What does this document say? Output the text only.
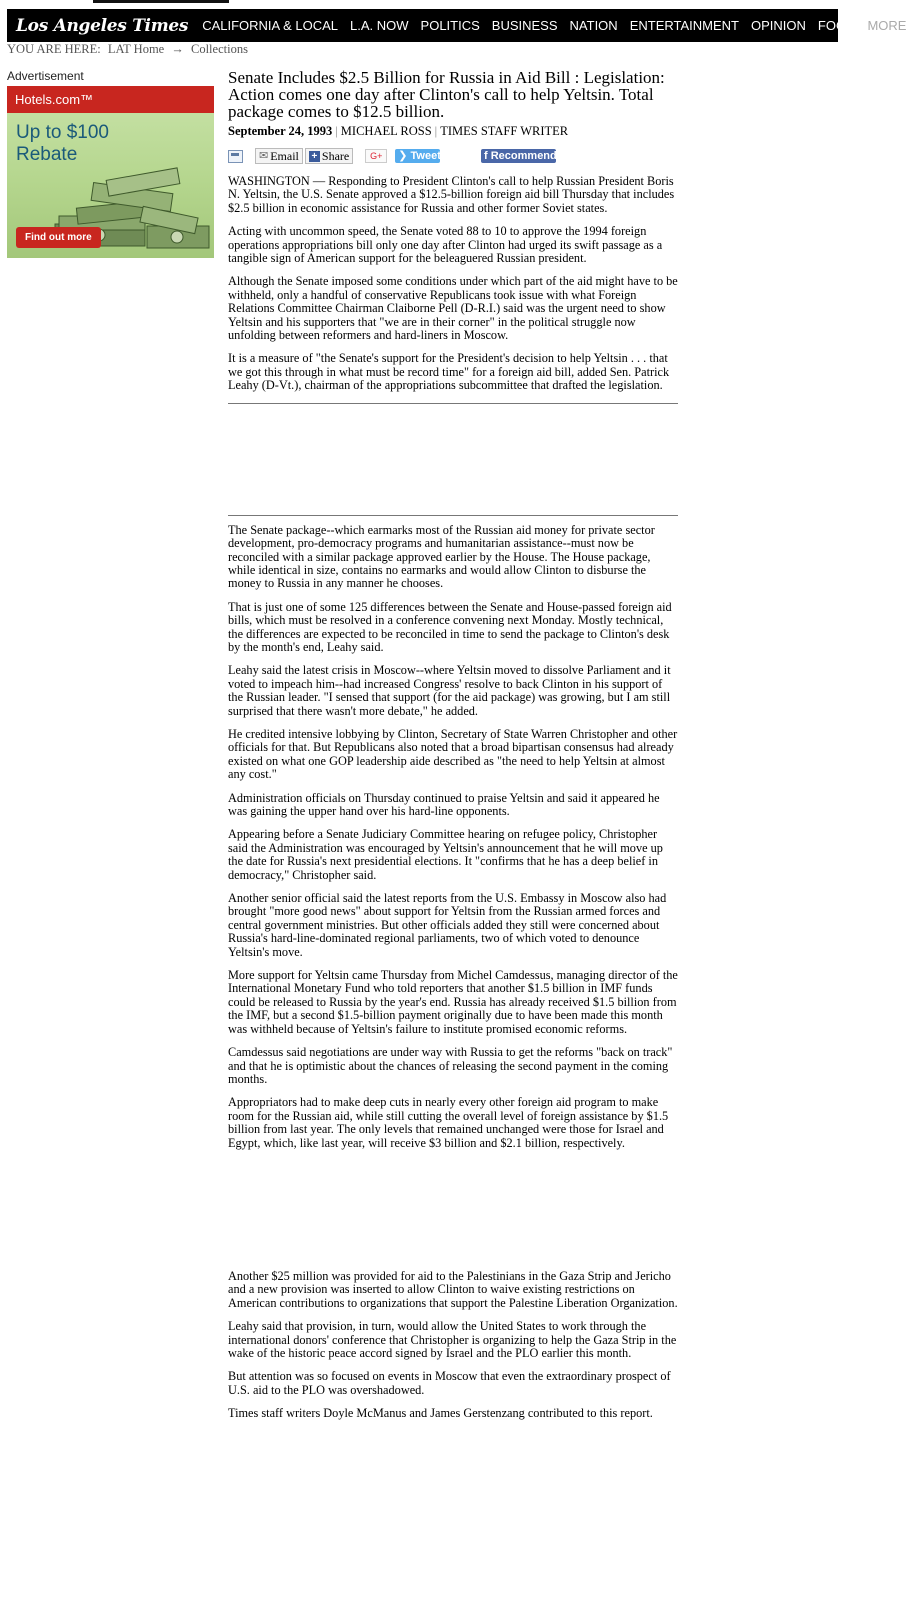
Los Angeles Times CALIFORNIA & LOCAL L.A. NOW POLITICS BUSINESS NATION ENTERTAINMENT OPINION FOOD MORE
YOU ARE HERE: LAT Home → Collections
Advertisement
Hotels.com™
Up to $100 Rebate
Find out more
Senate Includes $2.5 Billion for Russia in Aid Bill : Legislation: Action comes one day after Clinton's call to help Yeltsin. Total package comes to $12.5 billion.
September 24, 1993 | MICHAEL ROSS | TIMES STAFF WRITER
✉ Email + Share	G+	❯ Tweet	f Recommend

WASHINGTON — Responding to President Clinton's call to help Russian President Boris N. Yeltsin, the U.S. Senate approved a $12.5-billion foreign aid bill Thursday that includes $2.5 billion in economic assistance for Russia and other former Soviet states.

Acting with uncommon speed, the Senate voted 88 to 10 to approve the 1994 foreign operations appropriations bill only one day after Clinton had urged its swift passage as a tangible sign of American support for the beleaguered Russian president.

Although the Senate imposed some conditions under which part of the aid might have to be withheld, only a handful of conservative Republicans took issue with what Foreign Relations Committee Chairman Claiborne Pell (D-R.I.) said was the urgent need to show Yeltsin and his supporters that "we are in their corner" in the political struggle now unfolding between reformers and hard-liners in Moscow.

It is a measure of "the Senate's support for the President's decision to help Yeltsin . . . that we got this through in what must be record time" for a foreign aid bill, added Sen. Patrick Leahy (D-Vt.), chairman of the appropriations subcommittee that drafted the legislation.

The Senate package--which earmarks most of the Russian aid money for private sector development, pro-democracy programs and humanitarian assistance--must now be reconciled with a similar package approved earlier by the House. The House package, while identical in size, contains no earmarks and would allow Clinton to disburse the money to Russia in any manner he chooses.

That is just one of some 125 differences between the Senate and House-passed foreign aid bills, which must be resolved in a conference convening next Monday. Mostly technical, the differences are expected to be reconciled in time to send the package to Clinton's desk by the month's end, Leahy said.

Leahy said the latest crisis in Moscow--where Yeltsin moved to dissolve Parliament and it voted to impeach him--had increased Congress' resolve to back Clinton in his support of the Russian leader. "I sensed that support (for the aid package) was growing, but I am still surprised that there wasn't more debate," he added.

He credited intensive lobbying by Clinton, Secretary of State Warren Christopher and other officials for that. But Republicans also noted that a broad bipartisan consensus had already existed on what one GOP leadership aide described as "the need to help Yeltsin at almost any cost."

Administration officials on Thursday continued to praise Yeltsin and said it appeared he was gaining the upper hand over his hard-line opponents.

Appearing before a Senate Judiciary Committee hearing on refugee policy, Christopher said the Administration was encouraged by Yeltsin's announcement that he will move up the date for Russia's next presidential elections. It "confirms that he has a deep belief in democracy," Christopher said.

Another senior official said the latest reports from the U.S. Embassy in Moscow also had brought "more good news" about support for Yeltsin from the Russian armed forces and central government ministries. But other officials added they still were concerned about Russia's hard-line-dominated regional parliaments, two of which voted to denounce Yeltsin's move.

More support for Yeltsin came Thursday from Michel Camdessus, managing director of the International Monetary Fund who told reporters that another $1.5 billion in IMF funds could be released to Russia by the year's end. Russia has already received $1.5 billion from the IMF, but a second $1.5-billion payment originally due to have been made this month was withheld because of Yeltsin's failure to institute promised economic reforms.

Camdessus said negotiations are under way with Russia to get the reforms "back on track" and that he is optimistic about the chances of releasing the second payment in the coming months.

Appropriators had to make deep cuts in nearly every other foreign aid program to make room for the Russian aid, while still cutting the overall level of foreign assistance by $1.5 billion from last year. The only levels that remained unchanged were those for Israel and Egypt, which, like last year, will receive $3 billion and $2.1 billion, respectively.

Another $25 million was provided for aid to the Palestinians in the Gaza Strip and Jericho and a new provision was inserted to allow Clinton to waive existing restrictions on American contributions to organizations that support the Palestine Liberation Organization.

Leahy said that provision, in turn, would allow the United States to work through the international donors' conference that Christopher is organizing to help the Gaza Strip in the wake of the historic peace accord signed by Israel and the PLO earlier this month.

But attention was so focused on events in Moscow that even the extraordinary prospect of U.S. aid to the PLO was overshadowed.

Times staff writers Doyle McManus and James Gerstenzang contributed to this report.
